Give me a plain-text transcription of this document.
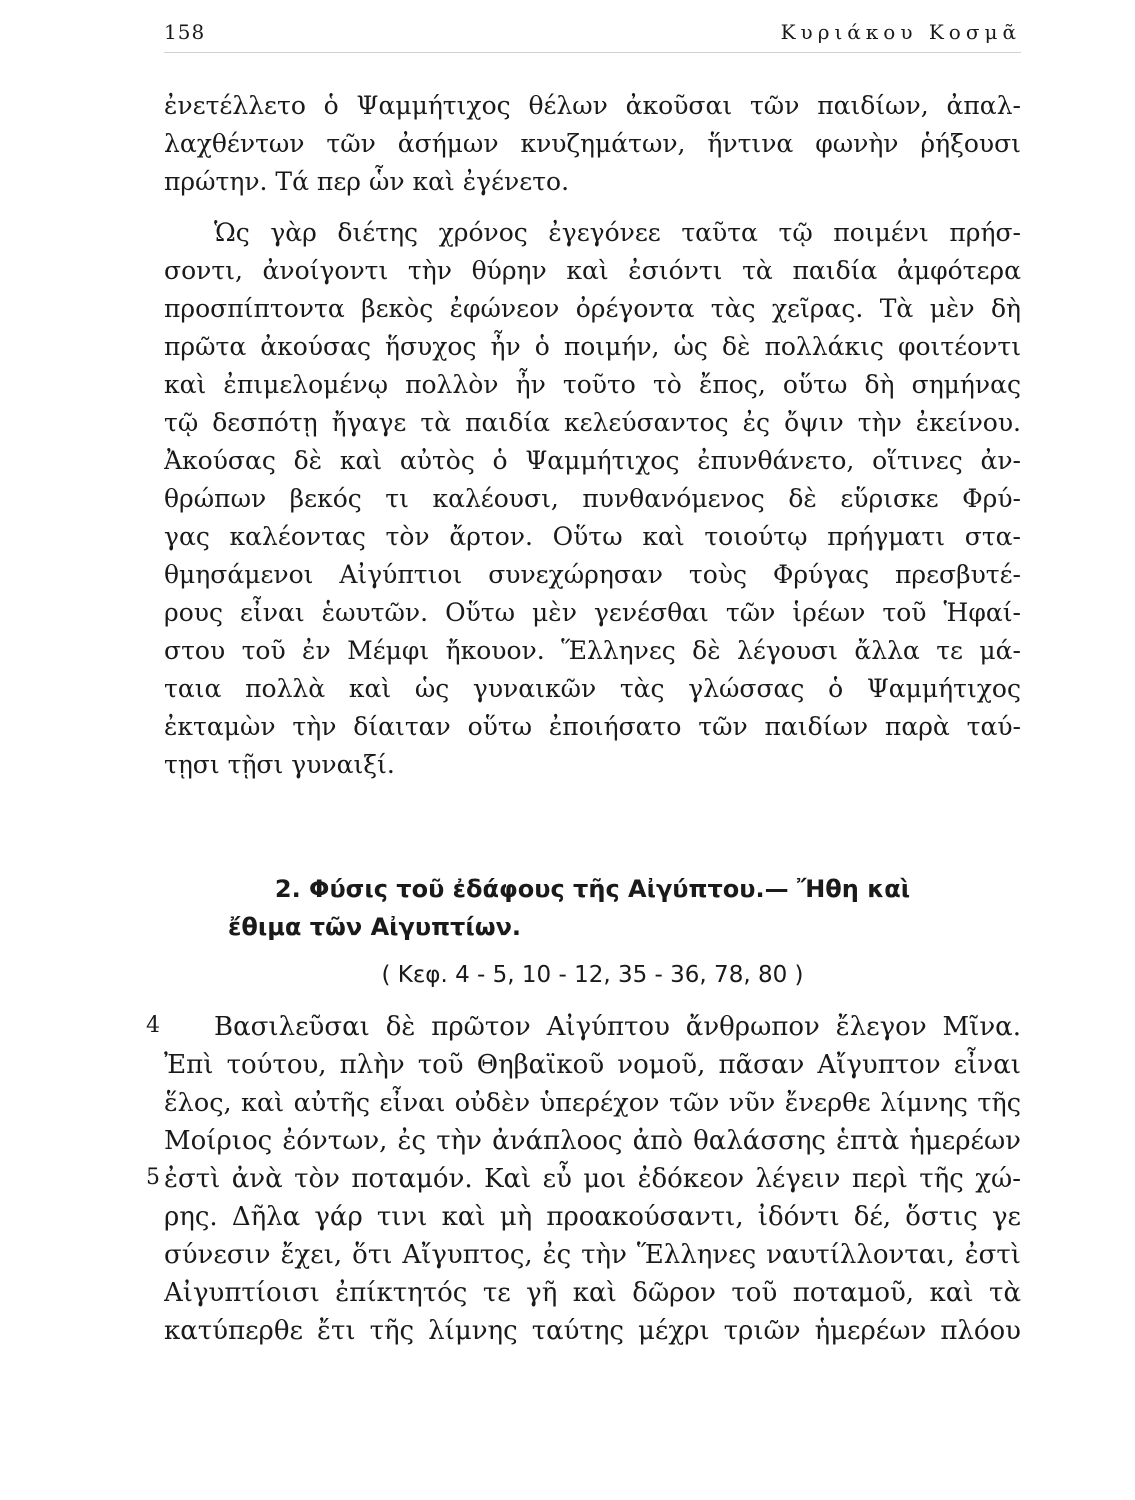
158	Κυριάκου Κοσμᾶ
ἐνετέλλετο ὁ Ψαμμήτιχος θέλων ἀκοῦσαι τῶν παιδίων, ἀπαλ-
λαχθέντων τῶν ἀσήμων κνυζημάτων, ἥντινα φωνὴν ῥήξουσι
πρώτην. Τά περ ὧν καὶ ἐγένετο.
Ὡς γὰρ διέτης χρόνος ἐγεγόνεε ταῦτα τῷ ποιμένι πρήσ-
σοντι, ἀνοίγοντι τὴν θύρην καὶ ἐσιόντι τὰ παιδία ἀμφότερα
προσπίπτοντα βεκὸς ἐφώνεον ὀρέγοντα τὰς χεῖρας. Τὰ μὲν δὴ
πρῶτα ἀκούσας ἥσυχος ἦν ὁ ποιμήν, ὡς δὲ πολλάκις φοιτέοντι
καὶ ἐπιμελομένῳ πολλὸν ἦν τοῦτο τὸ ἔπος, οὕτω δὴ σημήνας
τῷ δεσπότῃ ἤγαγε τὰ παιδία κελεύσαντος ἐς ὄψιν τὴν ἐκείνου.
Ἀκούσας δὲ καὶ αὐτὸς ὁ Ψαμμήτιχος ἐπυνθάνετο, οἵτινες ἀν-
θρώπων βεκός τι καλέουσι, πυνθανόμενος δὲ εὕρισκε Φρύ-
γας καλέοντας τὸν ἄρτον. Οὕτω καὶ τοιούτῳ πρήγματι στα-
θμησάμενοι Αἰγύπτιοι συνεχώρησαν τοὺς Φρύγας πρεσβυτέ-
ρους εἶναι ἑωυτῶν. Οὕτω μὲν γενέσθαι τῶν ἱρέων τοῦ Ἡφαί-
στου τοῦ ἐν Μέμφι ἤκουον. Ἕλληνες δὲ λέγουσι ἄλλα τε μά-
ταια πολλὰ καὶ ὡς γυναικῶν τὰς γλώσσας ὁ Ψαμμήτιχος
ἐκταμὼν τὴν δίαιταν οὕτω ἐποιήσατο τῶν παιδίων παρὰ ταύ-
τῃσι τῇσι γυναιξί.
2. Φύσις τοῦ ἐδάφους τῆς Αἰγύπτου.— Ἤθη καὶ
ἔθιμα τῶν Αἰγυπτίων.
( Κεφ. 4 - 5, 10 - 12, 35 - 36, 78, 80 )
4
5
Βασιλεῦσαι δὲ πρῶτον Αἰγύπτου ἄνθρωπον ἔλεγον Μῖνα.
Ἐπὶ τούτου, πλὴν τοῦ Θηβαϊκοῦ νομοῦ, πᾶσαν Αἴγυπτον εἶναι
ἕλος, καὶ αὐτῆς εἶναι οὐδὲν ὑπερέχον τῶν νῦν ἔνερθε λίμνης τῆς
Μοίριος ἐόντων, ἐς τὴν ἀνάπλοος ἀπὸ θαλάσσης ἑπτὰ ἡμερέων
ἐστὶ ἀνὰ τὸν ποταμόν. Καὶ εὖ μοι ἐδόκεον λέγειν περὶ τῆς χώ-
ρης. Δῆλα γάρ τινι καὶ μὴ προακούσαντι, ἰδόντι δέ, ὅστις γε
σύνεσιν ἔχει, ὅτι Αἴγυπτος, ἐς τὴν Ἕλληνες ναυτίλλονται, ἐστὶ
Αἰγυπτίοισι ἐπίκτητός τε γῆ καὶ δῶρον τοῦ ποταμοῦ, καὶ τὰ
κατύπερθε ἔτι τῆς λίμνης ταύτης μέχρι τριῶν ἡμερέων πλόου
